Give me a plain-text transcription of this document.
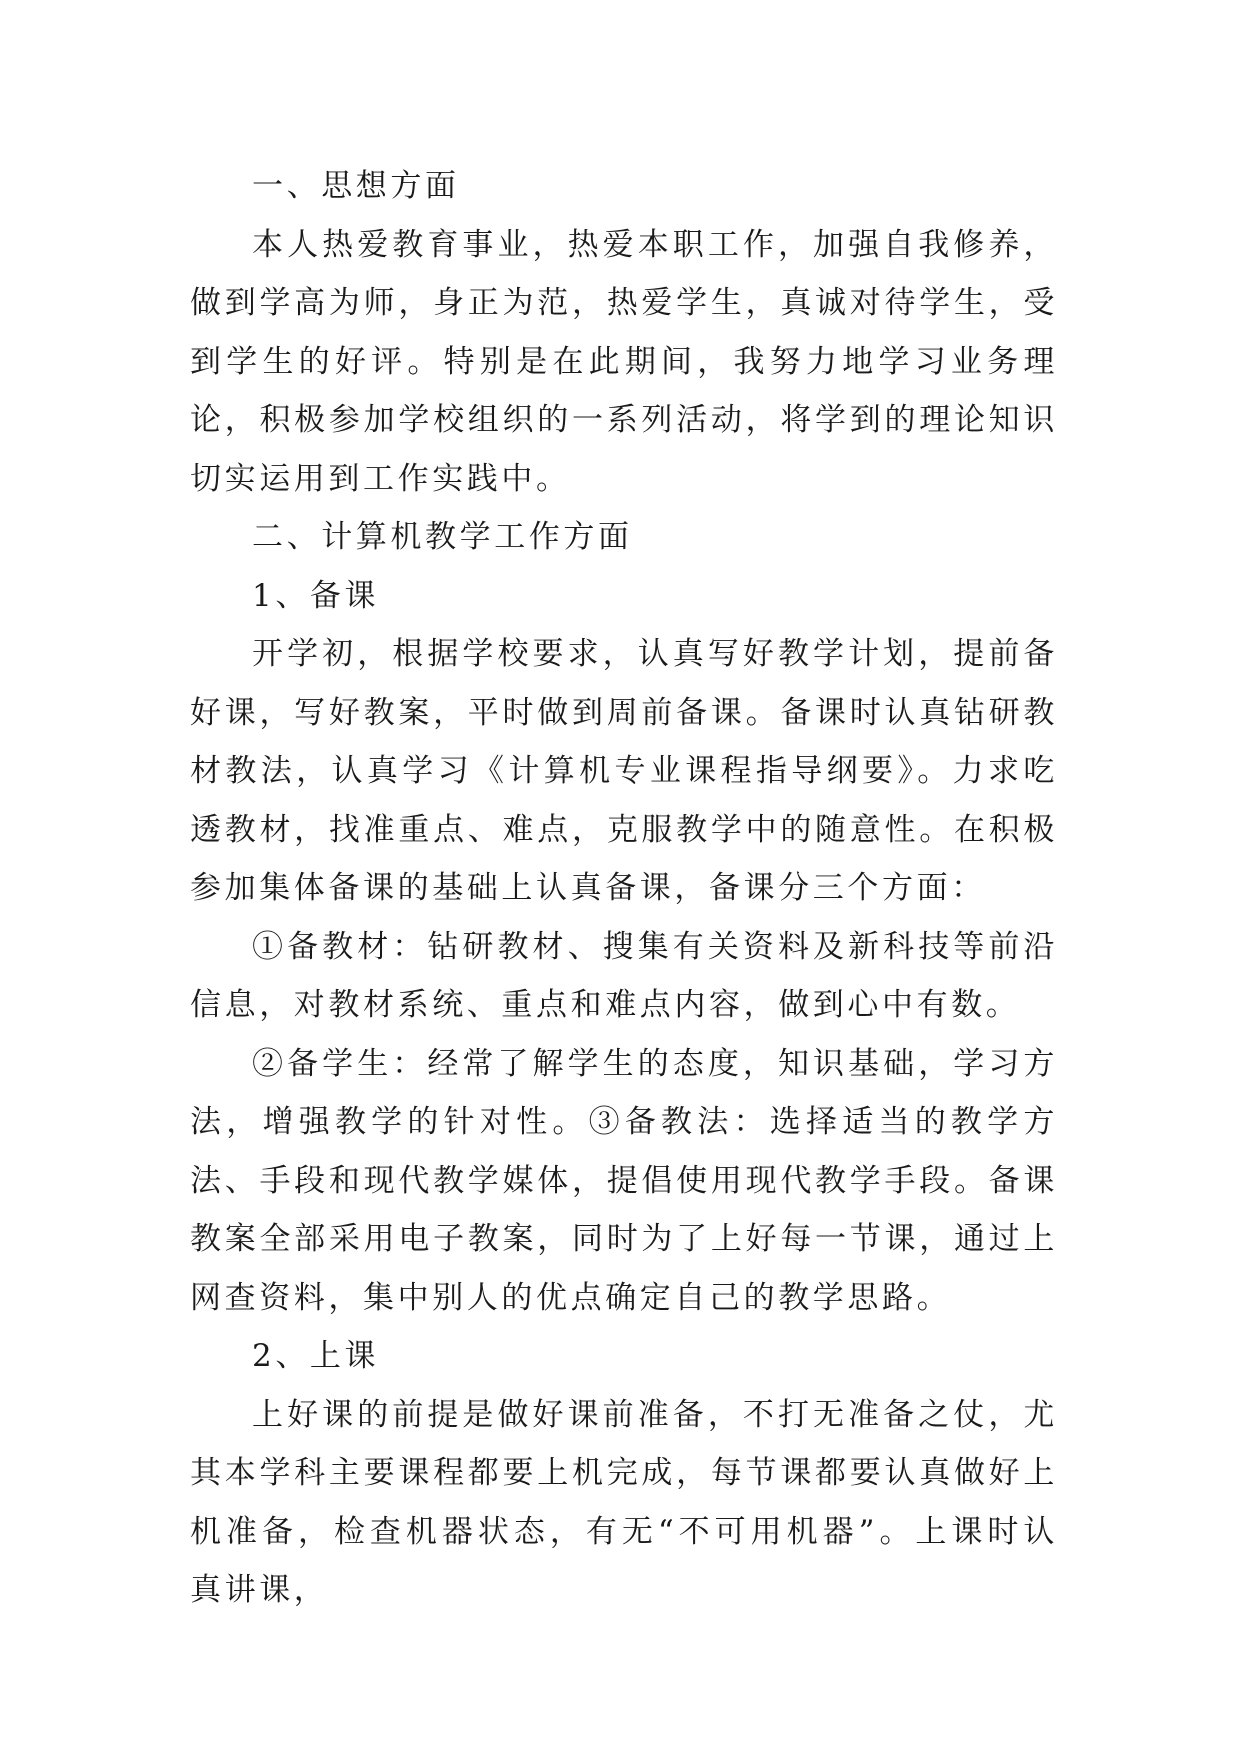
一、思想方面

本人热爱教育事业，热爱本职工作，加强自我修养，做到学高为师，身正为范，热爱学生，真诚对待学生，受到学生的好评。特别是在此期间，我努力地学习业务理论，积极参加学校组织的一系列活动，将学到的理论知识切实运用到工作实践中。

二、计算机教学工作方面

1、备课

开学初，根据学校要求，认真写好教学计划，提前备好课，写好教案，平时做到周前备课。备课时认真钻研教材教法，认真学习《计算机专业课程指导纲要》。力求吃透教材，找准重点、难点，克服教学中的随意性。在积极参加集体备课的基础上认真备课，备课分三个方面：

①备教材：钻研教材、搜集有关资料及新科技等前沿信息，对教材系统、重点和难点内容，做到心中有数。

②备学生：经常了解学生的态度，知识基础，学习方法，增强教学的针对性。③备教法：选择适当的教学方法、手段和现代教学媒体，提倡使用现代教学手段。备课教案全部采用电子教案，同时为了上好每一节课，通过上网查资料，集中别人的优点确定自己的教学思路。

2、上课

上好课的前提是做好课前准备，不打无准备之仗，尤其本学科主要课程都要上机完成，每节课都要认真做好上机准备，检查机器状态，有无“不可用机器”。上课时认真讲课，
